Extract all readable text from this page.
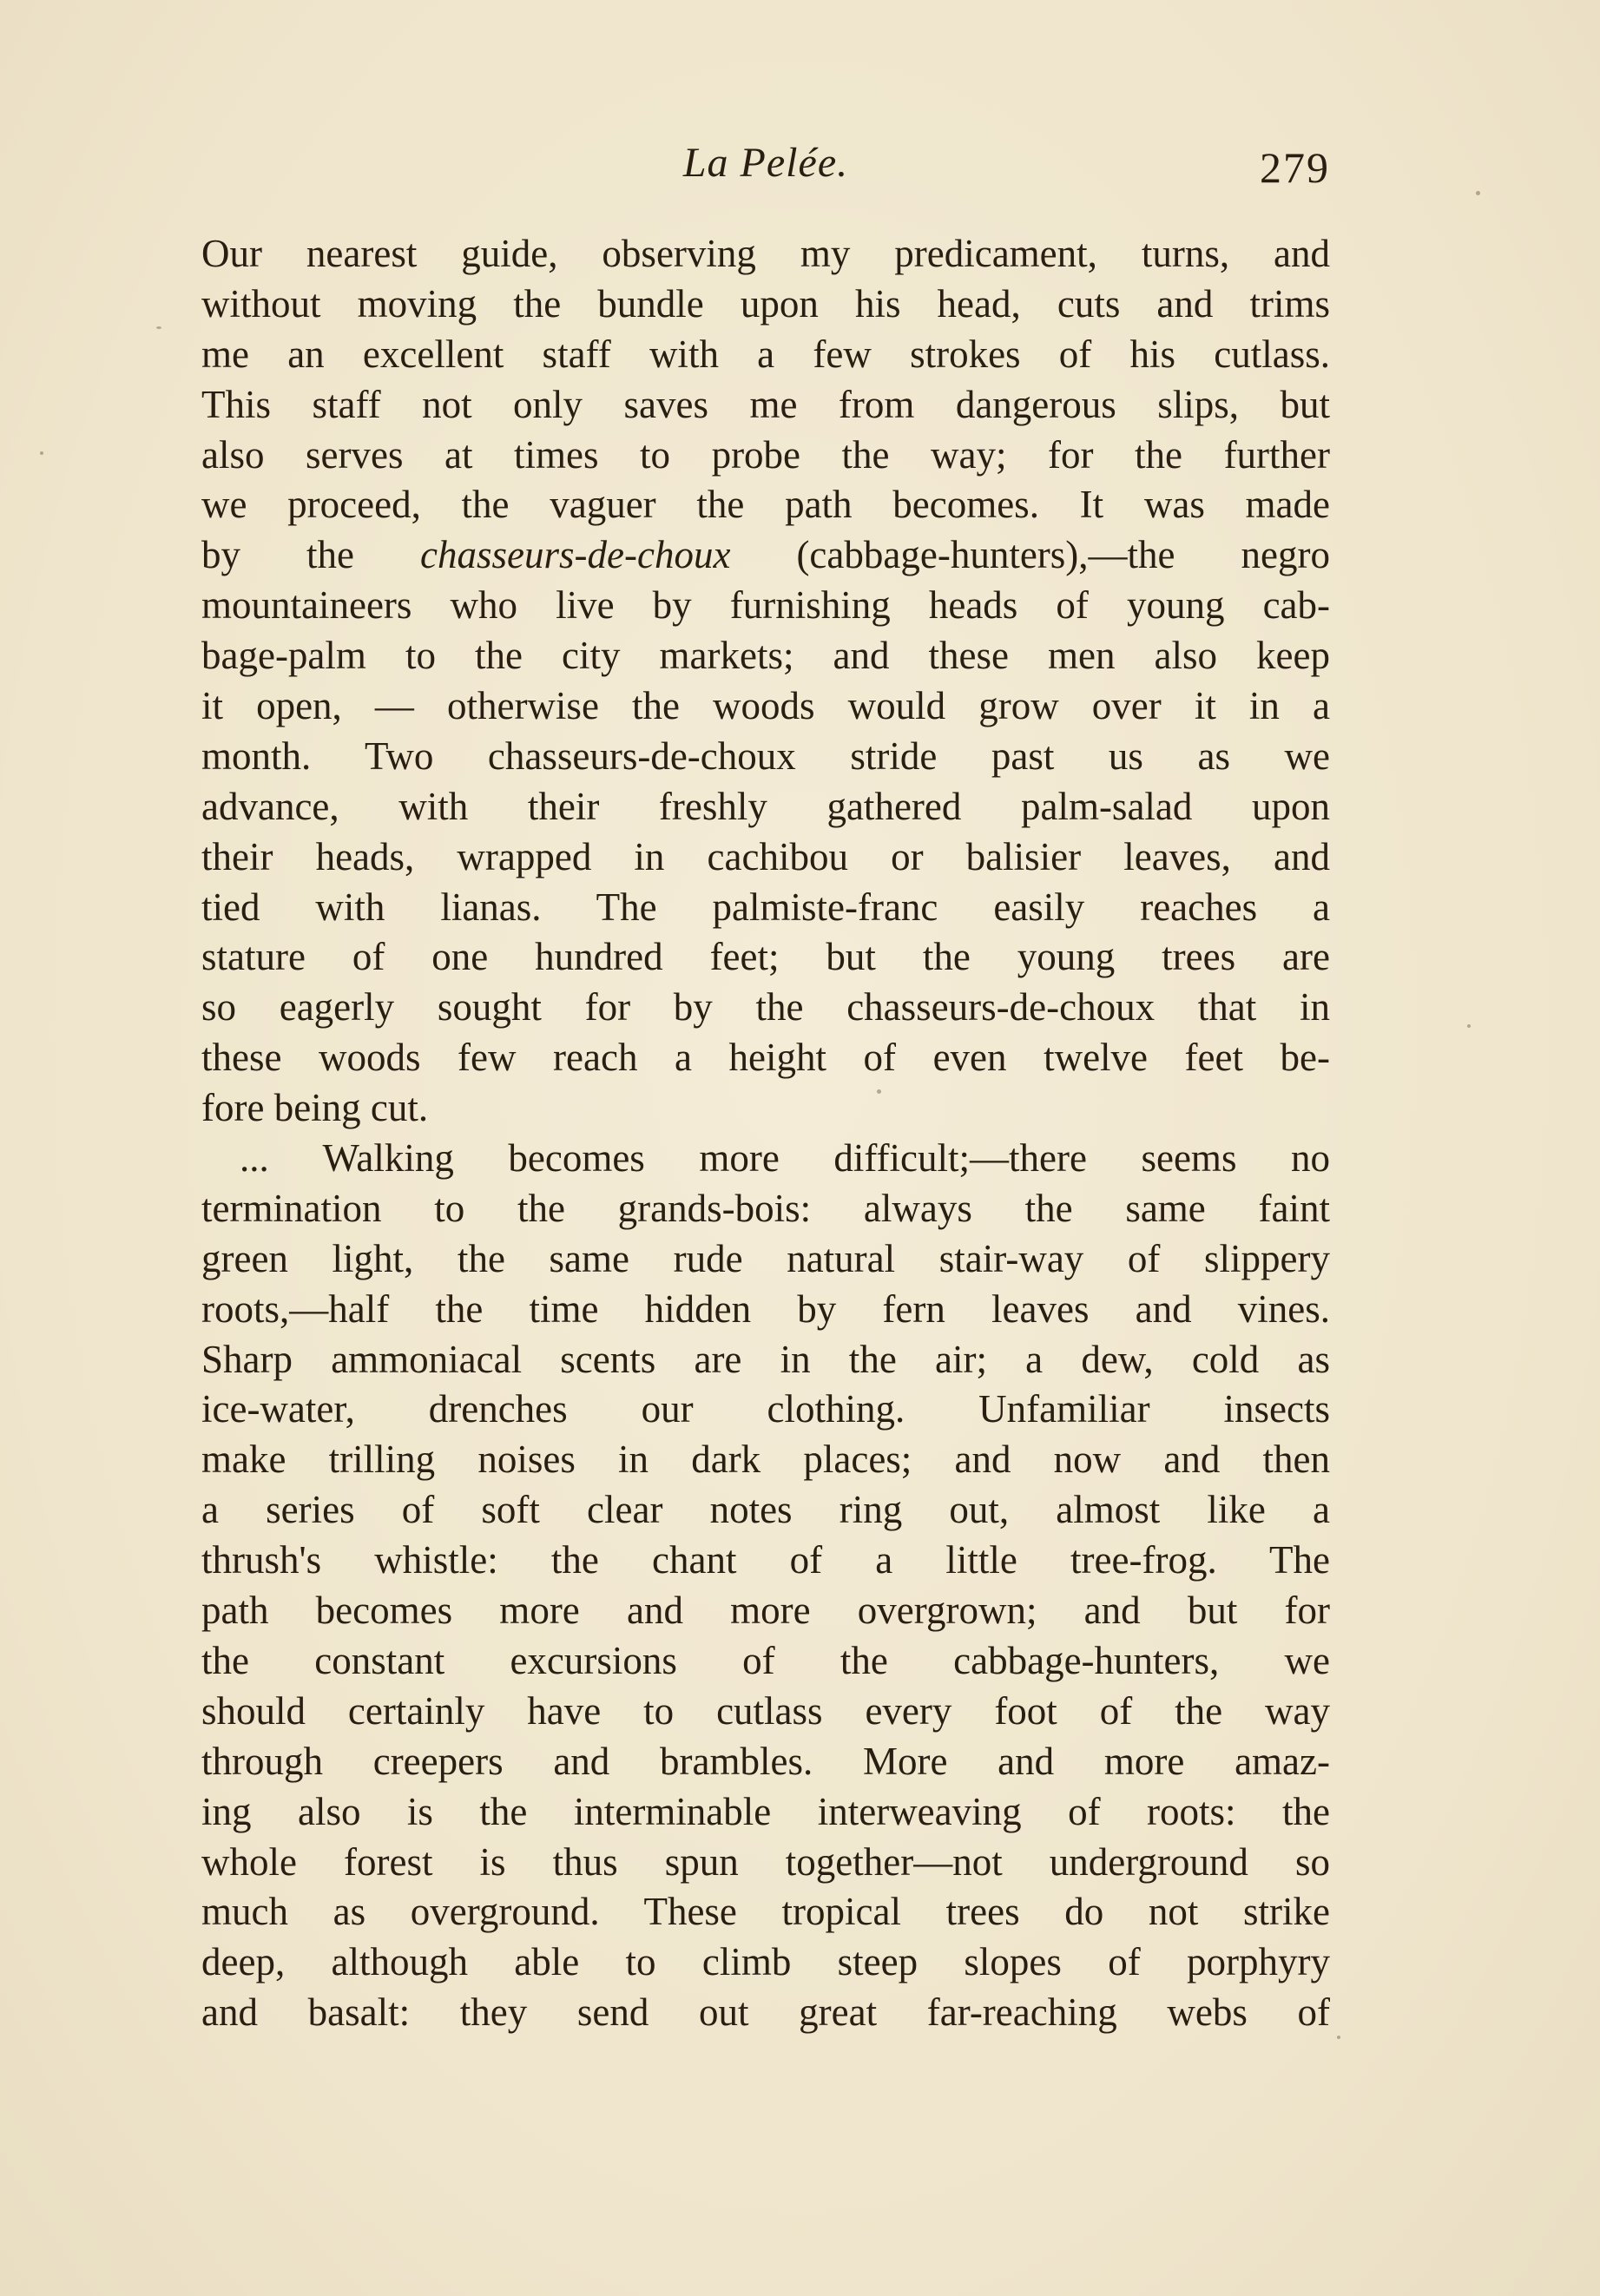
La Pelée.	279
Our nearest guide, observing my predicament, turns, and
without moving the bundle upon his head, cuts and trims
me an excellent staff with a few strokes of his cutlass.
This staff not only saves me from dangerous slips, but
also serves at times to probe the way; for the further
we proceed, the vaguer the path becomes. It was made
by the chasseurs-de-choux (cabbage-hunters),—the negro
mountaineers who live by furnishing heads of young cab-
bage-palm to the city markets; and these men also keep
it open, — otherwise the woods would grow over it in a
month. Two chasseurs-de-choux stride past us as we
advance, with their freshly gathered palm-salad upon
their heads, wrapped in cachibou or balisier leaves, and
tied with lianas. The palmiste-franc easily reaches a
stature of one hundred feet; but the young trees are
so eagerly sought for by the chasseurs-de-choux that in
these woods few reach a height of even twelve feet be-
fore being cut.
... Walking becomes more difficult;—there seems no
termination to the grands-bois: always the same faint
green light, the same rude natural stair-way of slippery
roots,—half the time hidden by fern leaves and vines.
Sharp ammoniacal scents are in the air; a dew, cold as
ice-water, drenches our clothing. Unfamiliar insects
make trilling noises in dark places; and now and then
a series of soft clear notes ring out, almost like a
thrush's whistle: the chant of a little tree-frog. The
path becomes more and more overgrown; and but for
the constant excursions of the cabbage-hunters, we
should certainly have to cutlass every foot of the way
through creepers and brambles. More and more amaz-
ing also is the interminable interweaving of roots: the
whole forest is thus spun together—not underground so
much as overground. These tropical trees do not strike
deep, although able to climb steep slopes of porphyry
and basalt: they send out great far-reaching webs of
